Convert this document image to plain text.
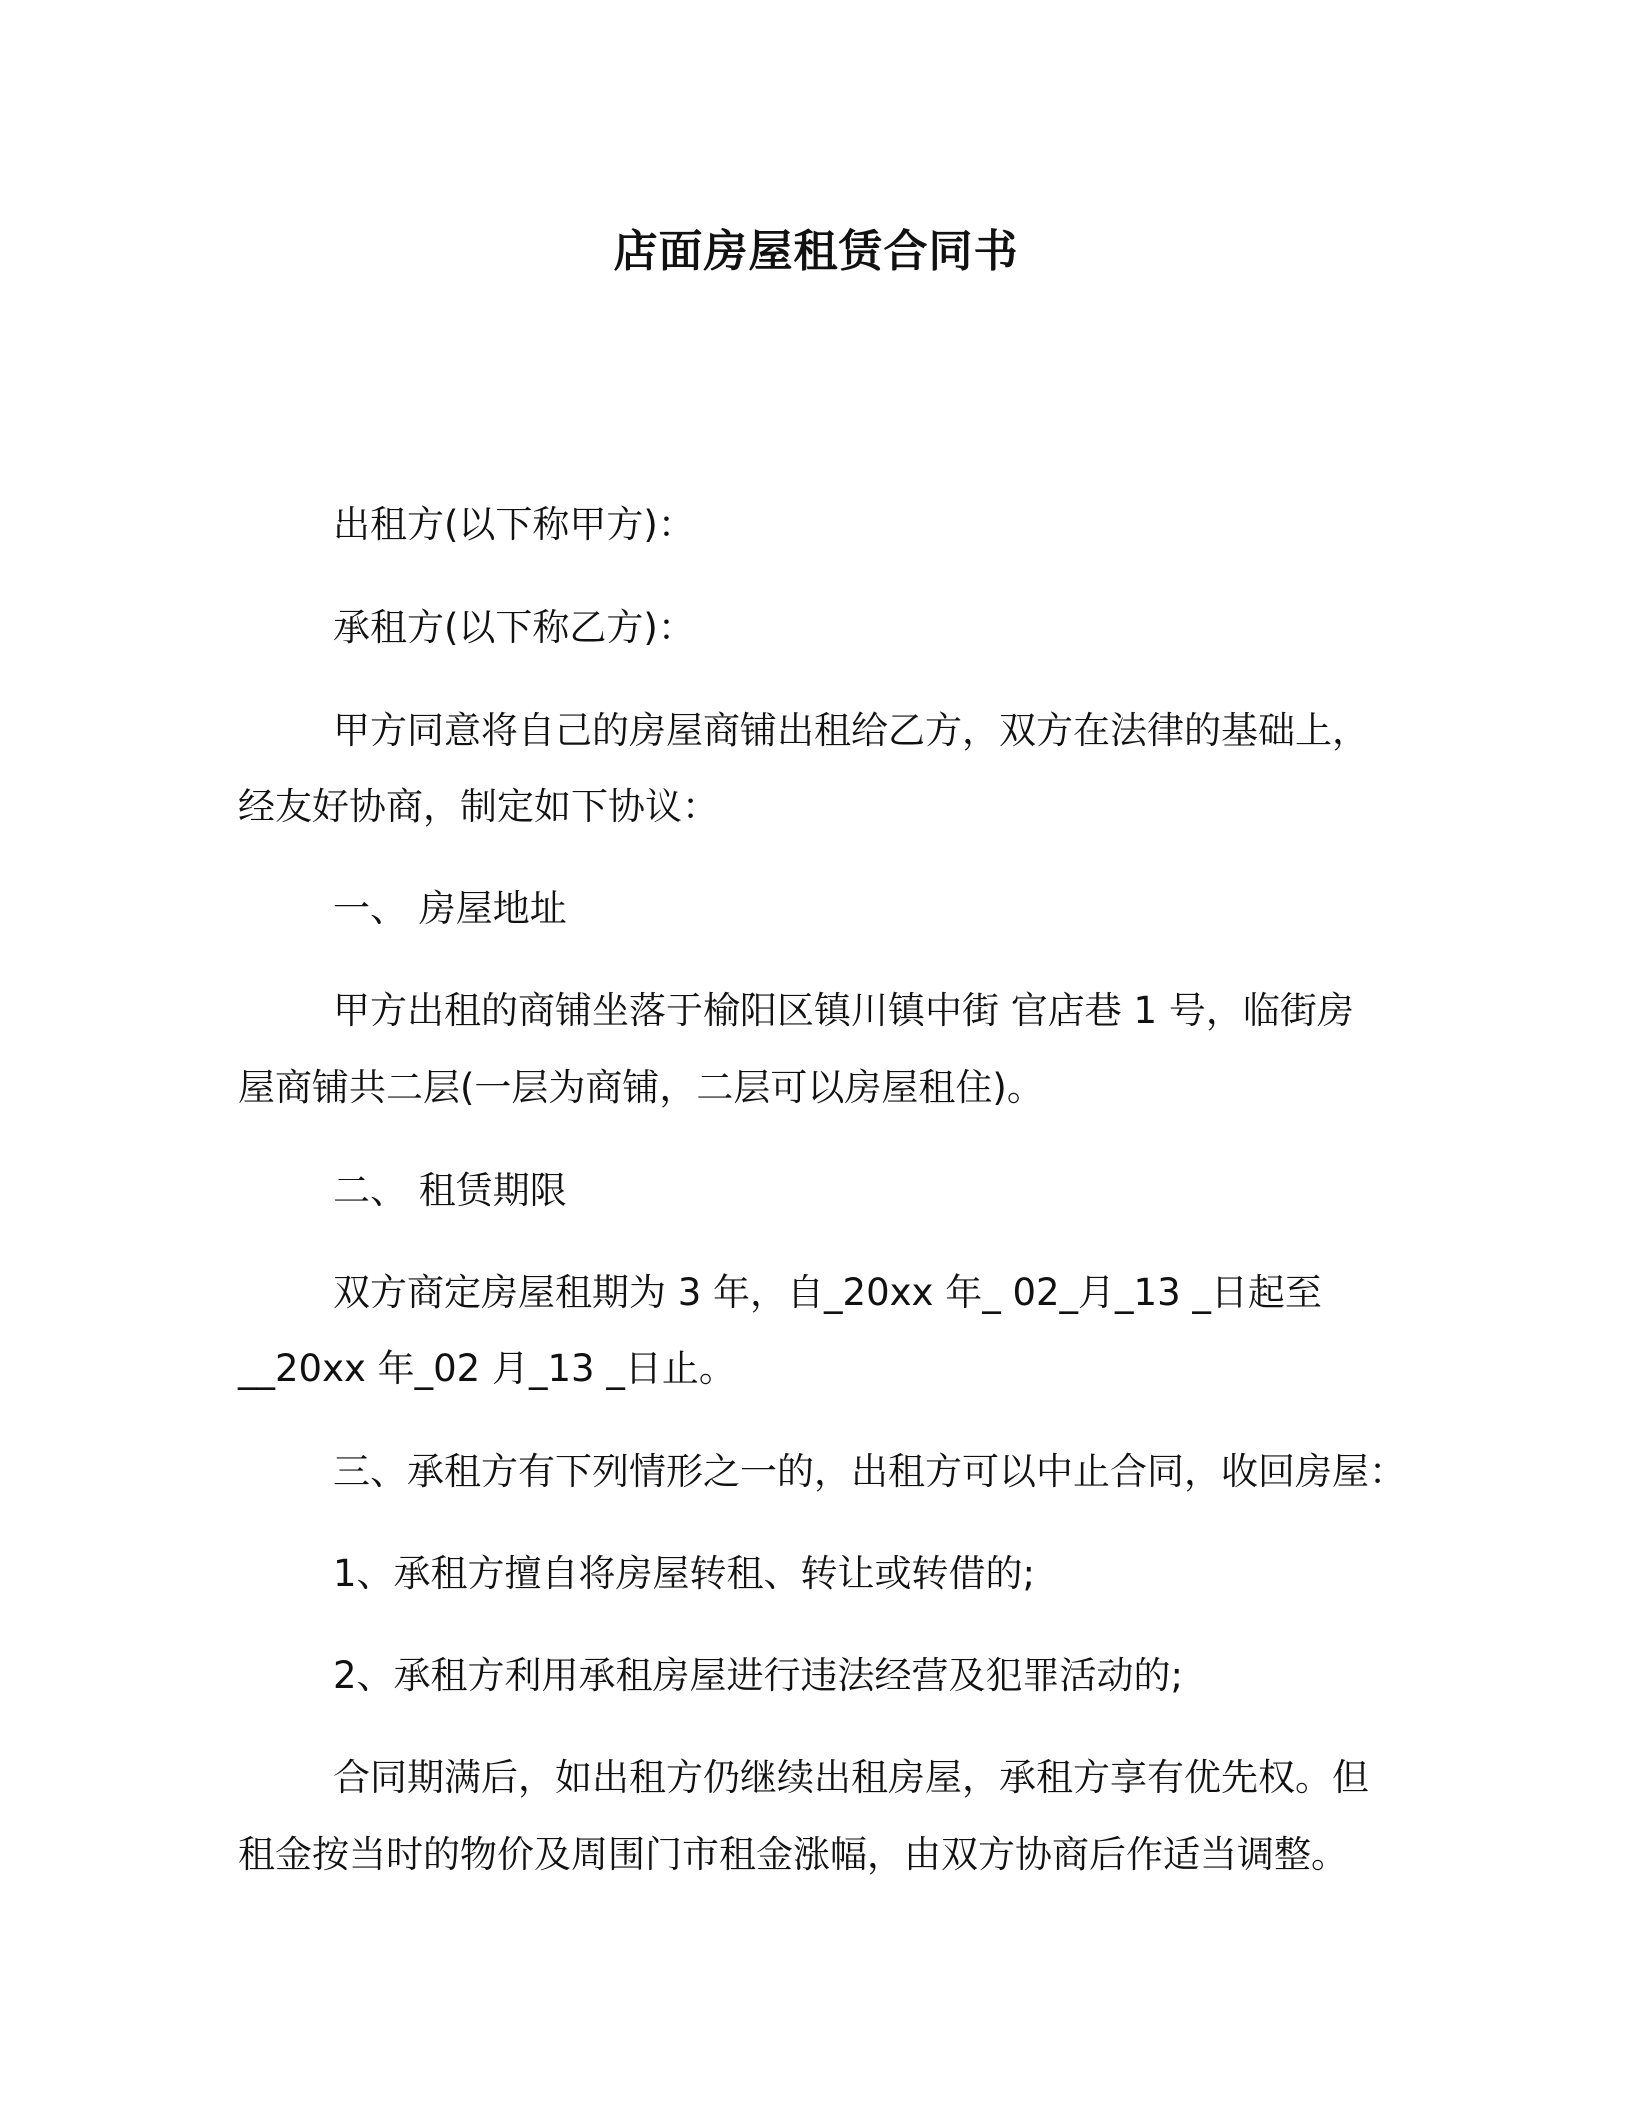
店面房屋租赁合同书
出租方(以下称甲方)：
承租方(以下称乙方)：
甲方同意将自己的房屋商铺出租给乙方，双方在法律的基础上，
经友好协商，制定如下协议：
一、 房屋地址
甲方出租的商铺坐落于榆阳区镇川镇中街 官店巷 1 号，临街房
屋商铺共二层(一层为商铺，二层可以房屋租住)。
二、 租赁期限
双方商定房屋租期为 3 年，自_20xx 年_ 02_月_13 _日起至
__20xx 年_02 月_13 _日止。
三、承租方有下列情形之一的，出租方可以中止合同，收回房屋：
1、承租方擅自将房屋转租、转让或转借的;
2、承租方利用承租房屋进行违法经营及犯罪活动的;
合同期满后，如出租方仍继续出租房屋，承租方享有优先权。但
租金按当时的物价及周围门市租金涨幅，由双方协商后作适当调整。
